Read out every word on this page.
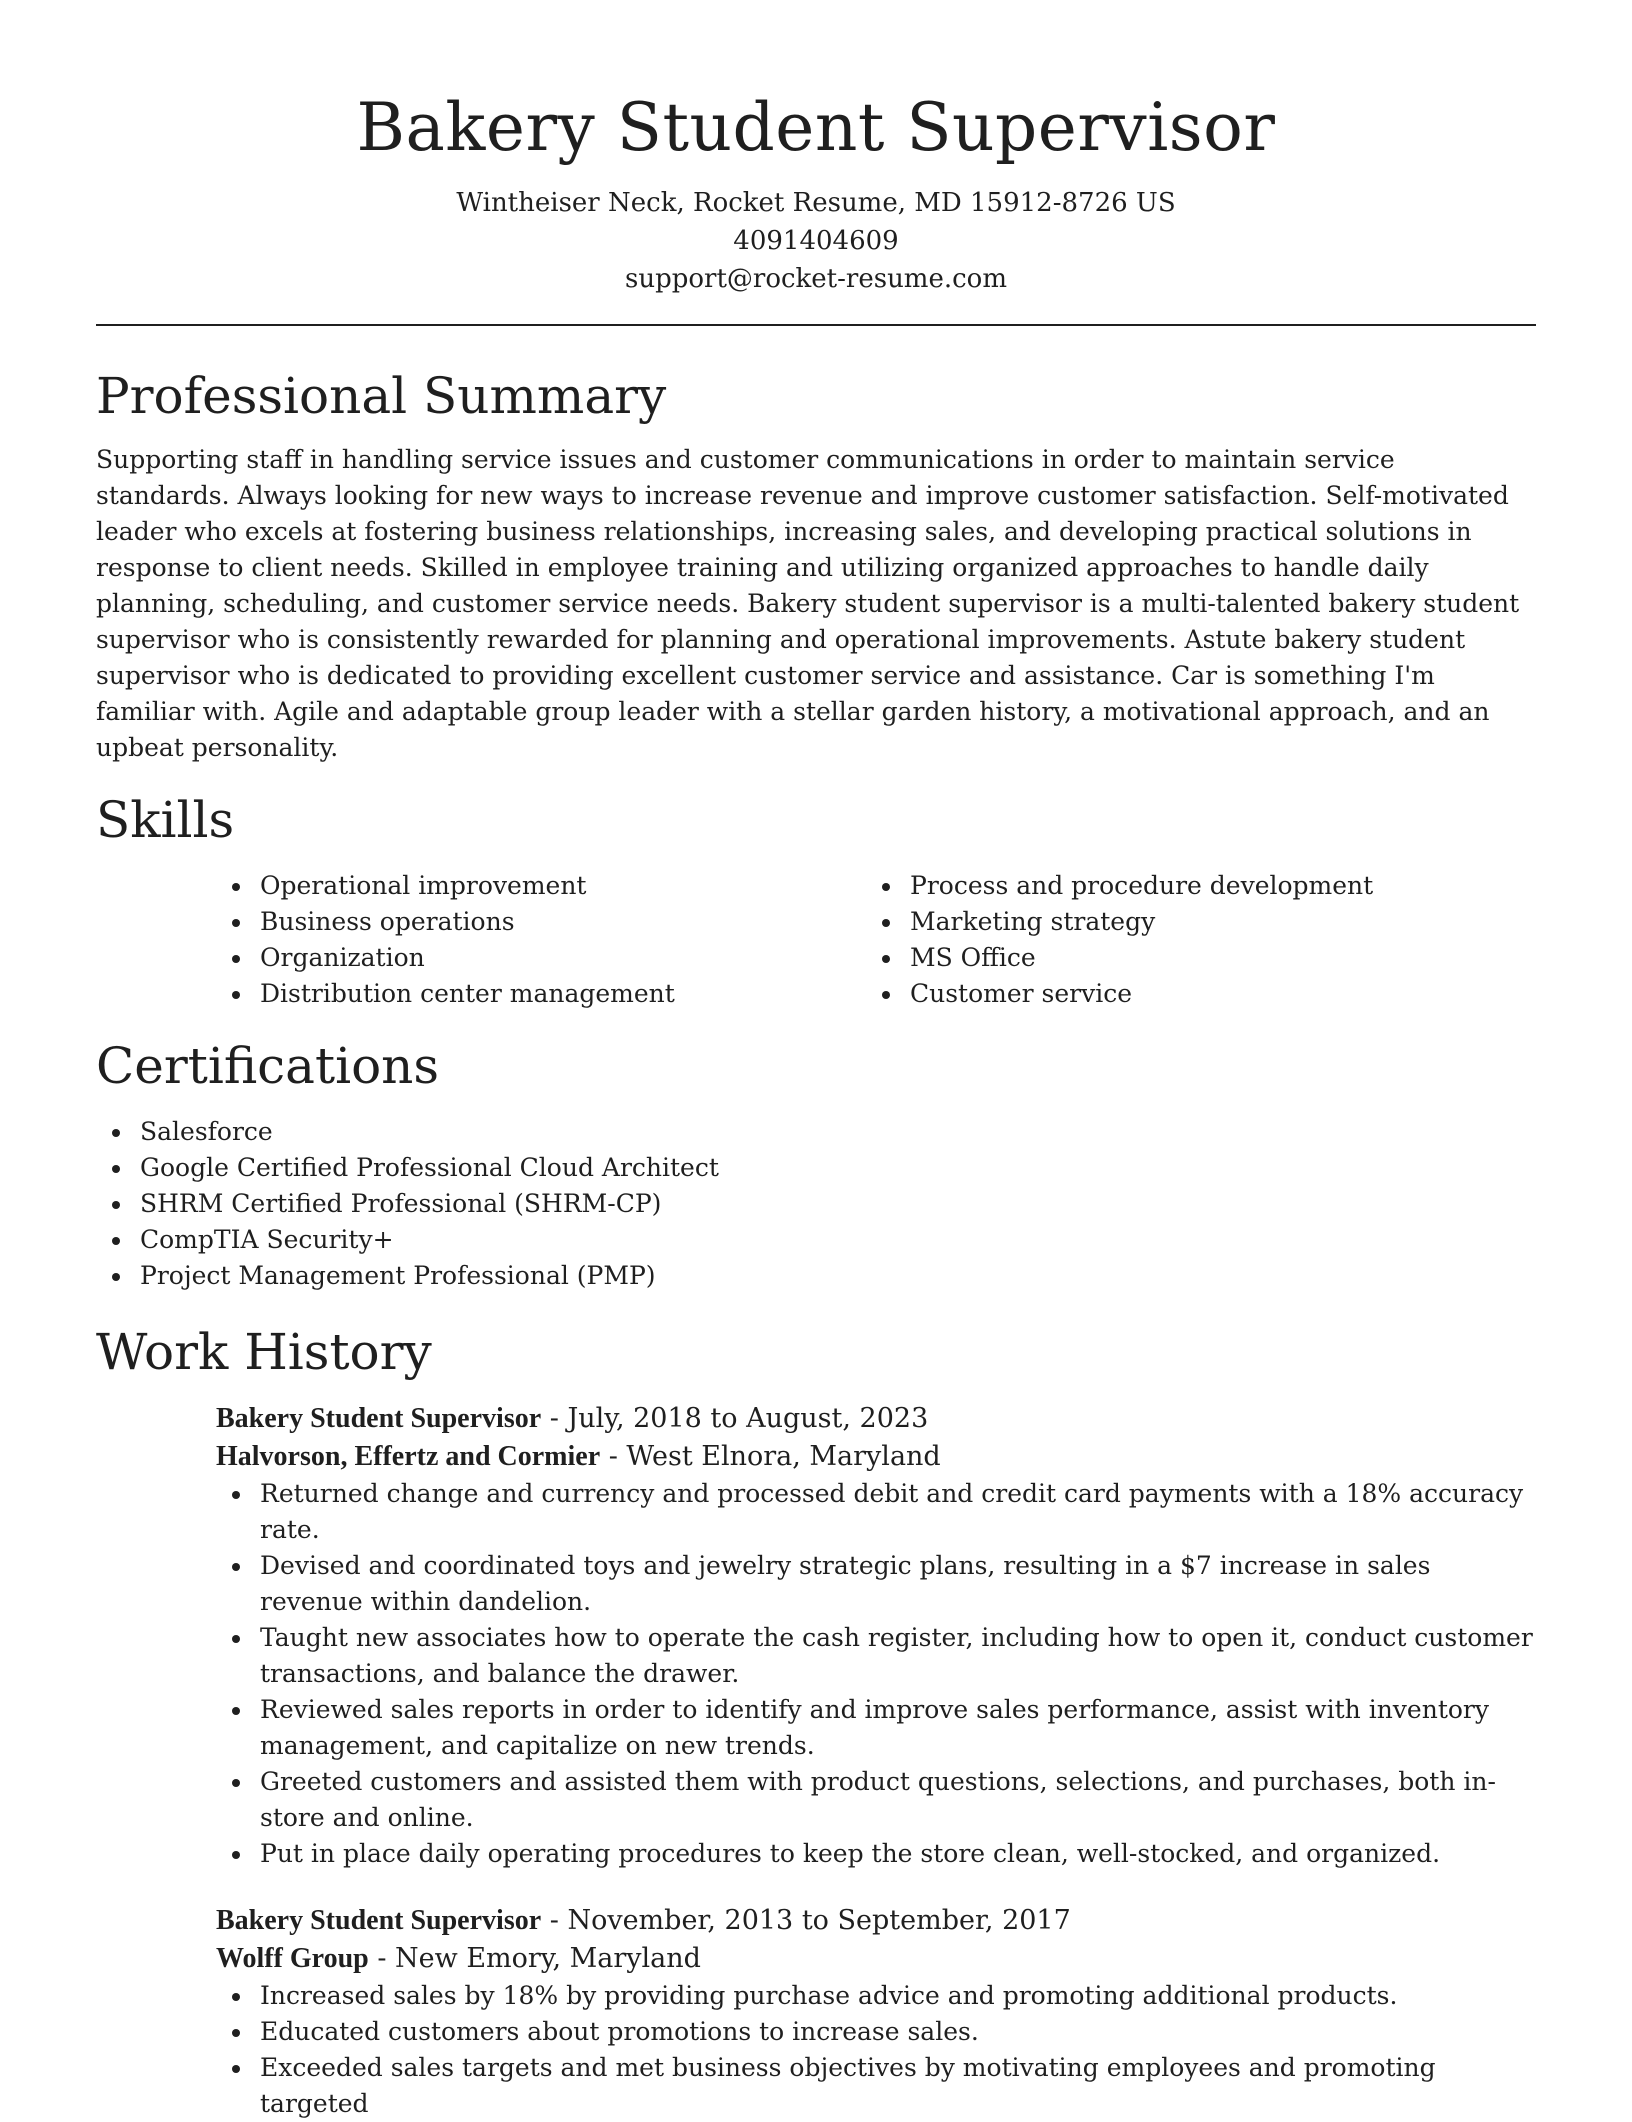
Bakery Student Supervisor
Wintheiser Neck, Rocket Resume, MD 15912-8726 US
4091404609
support@rocket-resume.com
Professional Summary

Supporting staff in handling service issues and customer communications in order to maintain service standards. Always looking for new ways to increase revenue and improve customer satisfaction. Self-motivated leader who excels at fostering business relationships, increasing sales, and developing practical solutions in response to client needs. Skilled in employee training and utilizing organized approaches to handle daily planning, scheduling, and customer service needs. Bakery student supervisor is a multi-talented bakery student supervisor who is consistently rewarded for planning and operational improvements. Astute bakery student supervisor who is dedicated to providing excellent customer service and assistance. Car is something I'm familiar with. Agile and adaptable group leader with a stellar garden history, a motivational approach, and an upbeat personality.

Skills
Operational improvement
Business operations
Organization
Distribution center management
Process and procedure development
Marketing strategy
MS Office
Customer service
Certifications
Salesforce
Google Certified Professional Cloud Architect
SHRM Certified Professional (SHRM-CP)
CompTIA Security+
Project Management Professional (PMP)
Work History
Bakery Student Supervisor - July, 2018 to August, 2023
Halvorson, Effertz and Cormier - West Elnora, Maryland
Returned change and currency and processed debit and credit card payments with a 18% accuracy rate.
Devised and coordinated toys and jewelry strategic plans, resulting in a $7 increase in sales revenue within dandelion.
Taught new associates how to operate the cash register, including how to open it, conduct customer transactions, and balance the drawer.
Reviewed sales reports in order to identify and improve sales performance, assist with inventory management, and capitalize on new trends.
Greeted customers and assisted them with product questions, selections, and purchases, both in-store and online.
Put in place daily operating procedures to keep the store clean, well-stocked, and organized.
Bakery Student Supervisor - November, 2013 to September, 2017
Wolff Group - New Emory, Maryland
Increased sales by 18% by providing purchase advice and promoting additional products.
Educated customers about promotions to increase sales.
Exceeded sales targets and met business objectives by motivating employees and promoting targeted
